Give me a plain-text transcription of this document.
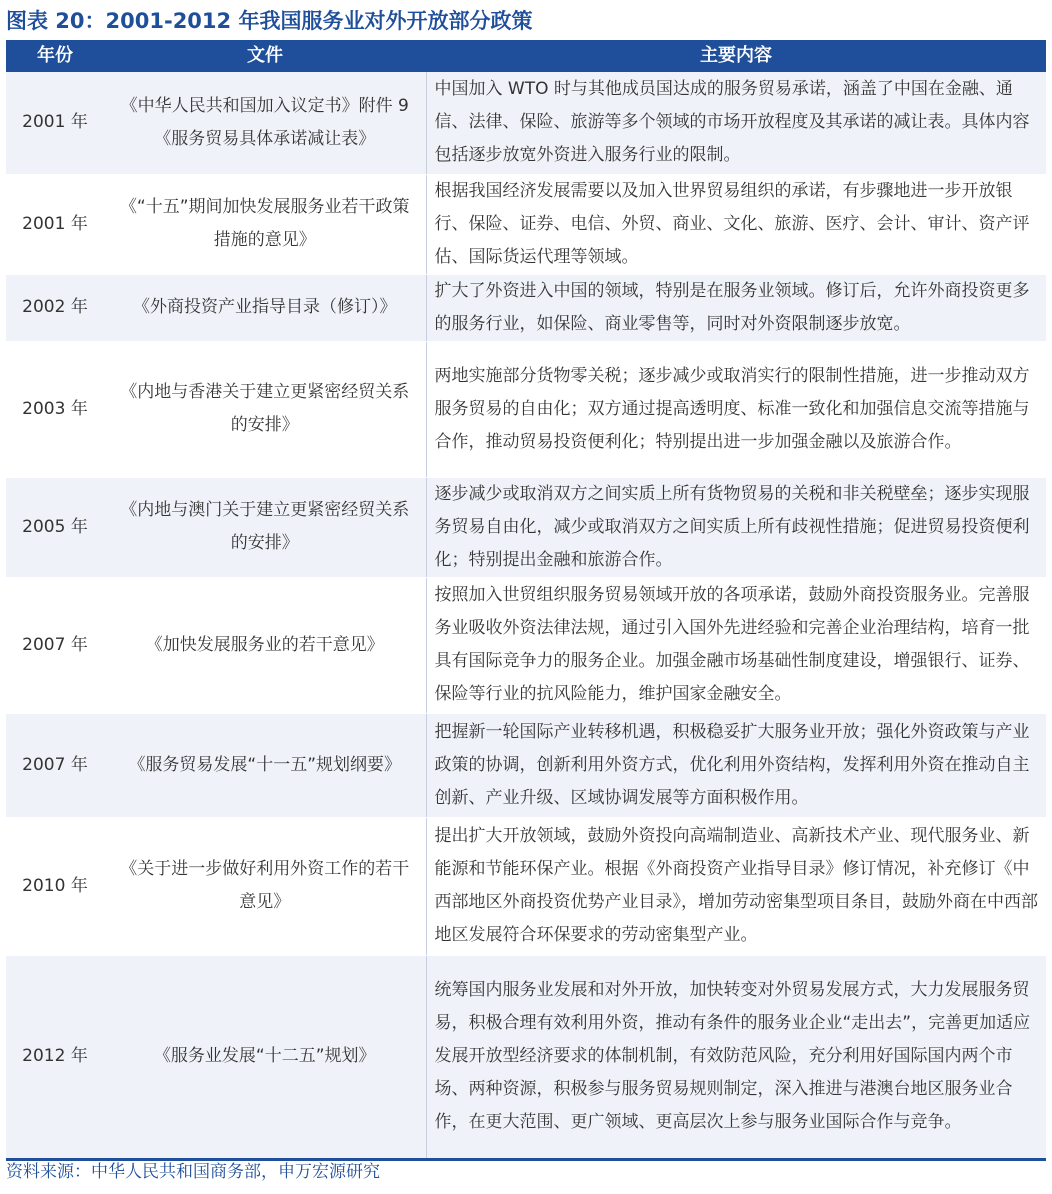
图表 20：2001-2012 年我国服务业对外开放部分政策
年份	文件	主要内容
2001 年	《中华人民共和国加入议定书》附件 9《服务贸易具体承诺减让表》	中国加入 WTO 时与其他成员国达成的服务贸易承诺，涵盖了中国在金融、通信、法律、保险、旅游等多个领域的市场开放程度及其承诺的减让表。具体内容包括逐步放宽外资进入服务行业的限制。
2001 年	《“十五”期间加快发展服务业若干政策措施的意见》	根据我国经济发展需要以及加入世界贸易组织的承诺，有步骤地进一步开放银行、保险、证券、电信、外贸、商业、文化、旅游、医疗、会计、审计、资产评估、国际货运代理等领域。
2002 年	《外商投资产业指导目录（修订）》	扩大了外资进入中国的领域，特别是在服务业领域。修订后，允许外商投资更多的服务行业，如保险、商业零售等，同时对外资限制逐步放宽。
2003 年	《内地与香港关于建立更紧密经贸关系的安排》	两地实施部分货物零关税；逐步减少或取消实行的限制性措施，进一步推动双方服务贸易的自由化；双方通过提高透明度、标准一致化和加强信息交流等措施与合作，推动贸易投资便利化；特别提出进一步加强金融以及旅游合作。
2005 年	《内地与澳门关于建立更紧密经贸关系的安排》	逐步减少或取消双方之间实质上所有货物贸易的关税和非关税壁垒；逐步实现服务贸易自由化，减少或取消双方之间实质上所有歧视性措施；促进贸易投资便利化；特别提出金融和旅游合作。
2007 年	《加快发展服务业的若干意见》	按照加入世贸组织服务贸易领域开放的各项承诺，鼓励外商投资服务业。完善服务业吸收外资法律法规，通过引入国外先进经验和完善企业治理结构，培育一批具有国际竞争力的服务企业。加强金融市场基础性制度建设，增强银行、证券、保险等行业的抗风险能力，维护国家金融安全。
2007 年	《服务贸易发展“十一五”规划纲要》	把握新一轮国际产业转移机遇，积极稳妥扩大服务业开放；强化外资政策与产业政策的协调，创新利用外资方式，优化利用外资结构，发挥利用外资在推动自主创新、产业升级、区域协调发展等方面积极作用。
2010 年	《关于进一步做好利用外资工作的若干意见》	提出扩大开放领域，鼓励外资投向高端制造业、高新技术产业、现代服务业、新能源和节能环保产业。根据《外商投资产业指导目录》修订情况，补充修订《中西部地区外商投资优势产业目录》，增加劳动密集型项目条目，鼓励外商在中西部地区发展符合环保要求的劳动密集型产业。
2012 年	《服务业发展“十二五”规划》	统筹国内服务业发展和对外开放，加快转变对外贸易发展方式，大力发展服务贸易，积极合理有效利用外资，推动有条件的服务业企业“走出去”，完善更加适应发展开放型经济要求的体制机制，有效防范风险，充分利用好国际国内两个市场、两种资源，积极参与服务贸易规则制定，深入推进与港澳台地区服务业合作，在更大范围、更广领域、更高层次上参与服务业国际合作与竞争。
资料来源：中华人民共和国商务部，申万宏源研究
